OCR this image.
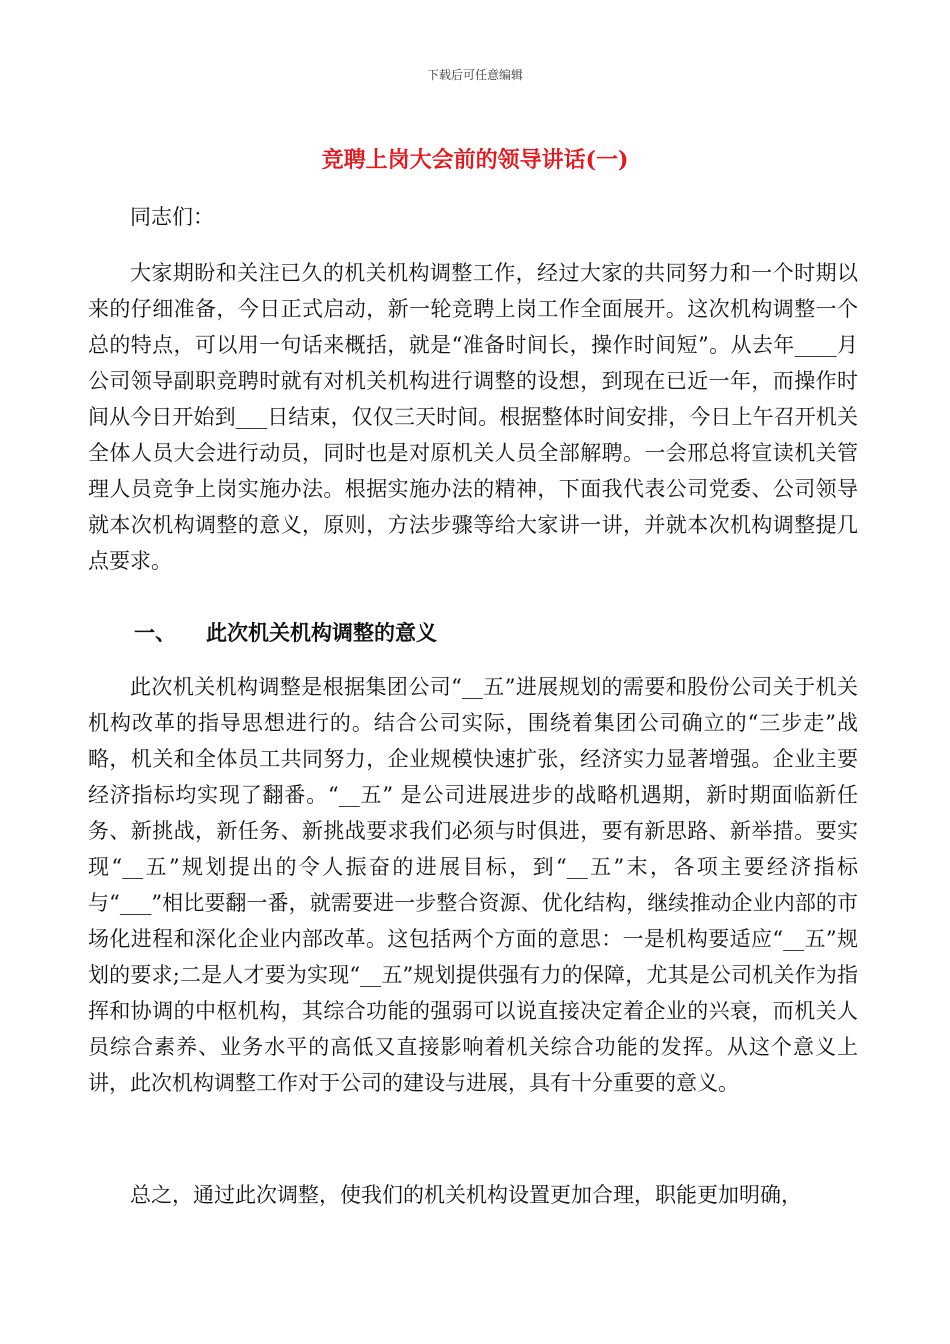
下载后可任意编辑
竞聘上岗大会前的领导讲话(一)
同志们：
大家期盼和关注已久的机关机构调整工作，经过大家的共同努力和一个时期以来的仔细准备，今日正式启动，新一轮竞聘上岗工作全面展开。这次机构调整一个总的特点，可以用一句话来概括，就是“准备时间长，操作时间短”。从去年____月公司领导副职竞聘时就有对机关机构进行调整的设想，到现在已近一年，而操作时间从今日开始到___日结束，仅仅三天时间。根据整体时间安排，今日上午召开机关全体人员大会进行动员，同时也是对原机关人员全部解聘。一会邢总将宣读机关管理人员竞争上岗实施办法。根据实施办法的精神，下面我代表公司党委、公司领导就本次机构调整的意义，原则，方法步骤等给大家讲一讲，并就本次机构调整提几点要求。
一、 此次机关机构调整的意义
此次机关机构调整是根据集团公司“__五”进展规划的需要和股份公司关于机关机构改革的指导思想进行的。结合公司实际，围绕着集团公司确立的“三步走”战略，机关和全体员工共同努力，企业规模快速扩张，经济实力显著增强。企业主要经济指标均实现了翻番。“__五” 是公司进展进步的战略机遇期，新时期面临新任务、新挑战，新任务、新挑战要求我们必须与时俱进，要有新思路、新举措。要实现“__五”规划提出的令人振奋的进展目标，到“__五”末，各项主要经济指标与“___”相比要翻一番，就需要进一步整合资源、优化结构，继续推动企业内部的市场化进程和深化企业内部改革。这包括两个方面的意思：一是机构要适应“__五”规划的要求;二是人才要为实现“__五”规划提供强有力的保障，尤其是公司机关作为指挥和协调的中枢机构，其综合功能的强弱可以说直接决定着企业的兴衰，而机关人员综合素养、业务水平的高低又直接影响着机关综合功能的发挥。从这个意义上讲，此次机构调整工作对于公司的建设与进展，具有十分重要的意义。
总之，通过此次调整，使我们的机关机构设置更加合理，职能更加明确，
